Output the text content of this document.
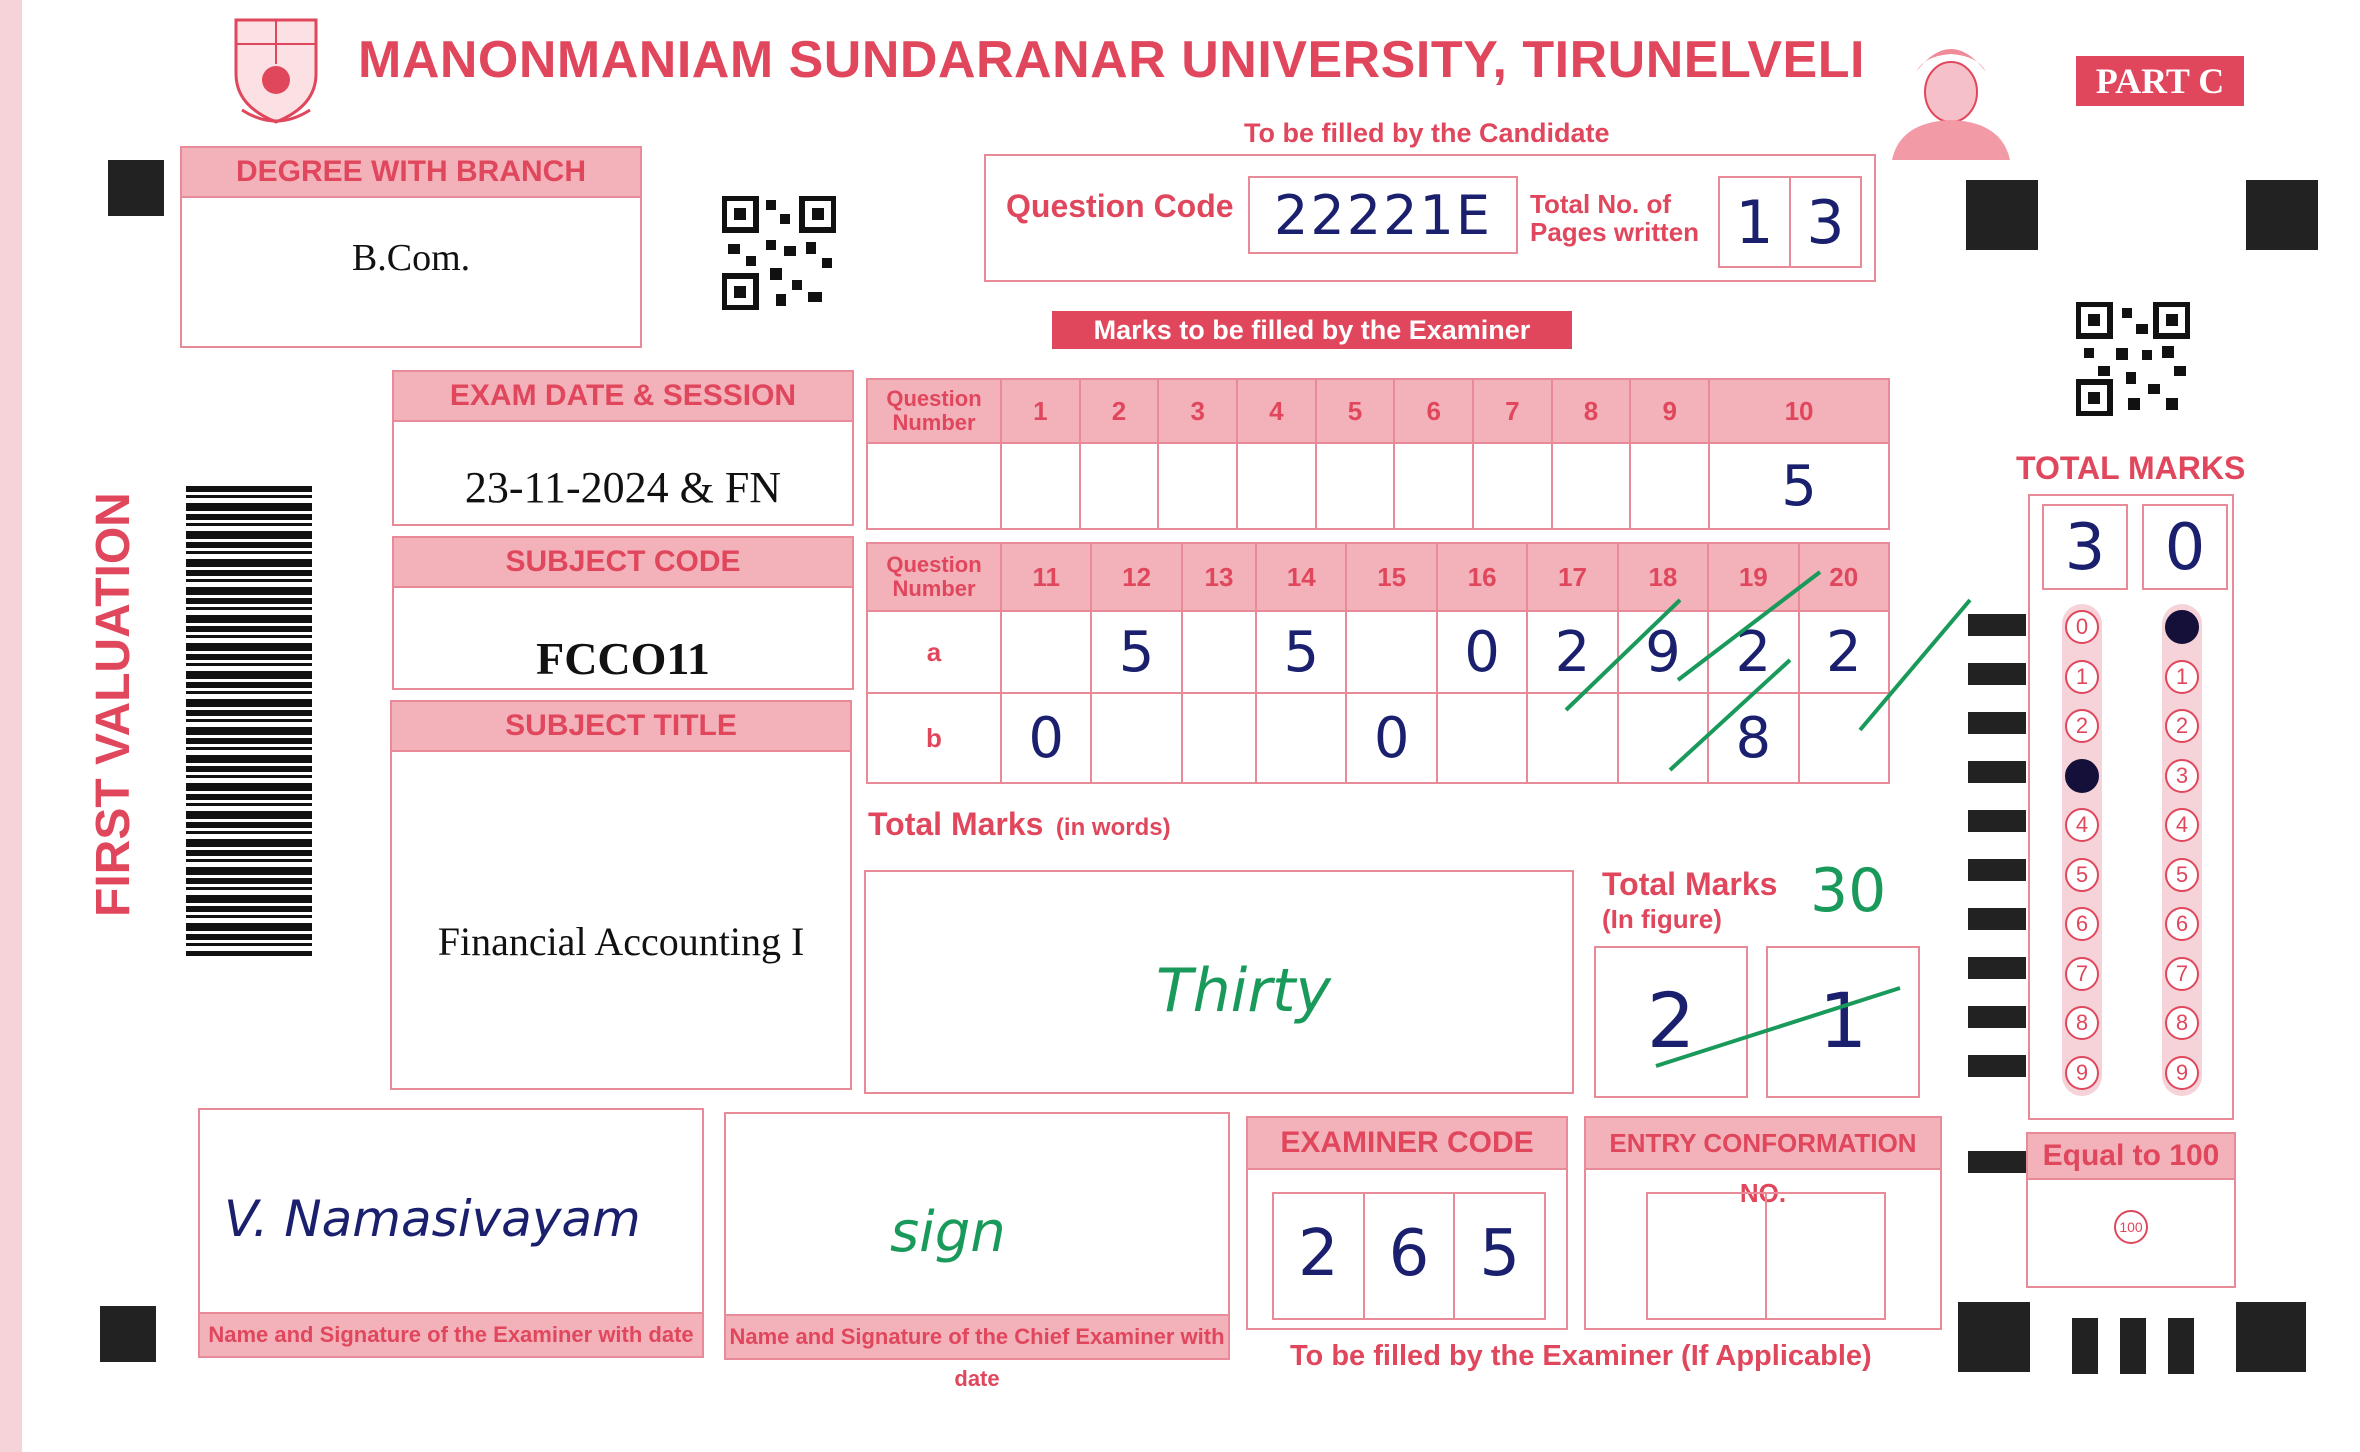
MANONMANIAM SUNDARANAR UNIVERSITY, TIRUNELVELI	PART C
DEGREE WITH BRANCH
B.Com.
To be filled by the Candidate
Question Code 22221E	Total No. of Pages written 1 3
Marks to be filled by the Examiner
EXAM DATE & SESSION
23-11-2024 & FN
SUBJECT CODE
FCCO11
SUBJECT TITLE
Financial Accounting I
FIRST VALUATION
Question Number	1	2	3	4	5	6	7	8	9	10
										5
Question Number	11	12	13	14	15	16	17	18	19	20
a		5		5		0	2	9	2	2
b	0				0				8	
Total Marks (in words)
Thirty
Total Marks
(In figure) 30
2	1
TOTAL MARKS
3 0
0
1
2
3
4
5
6
7
8
9
0
1
2
3
4
5
6
7
8
9
Equal to 100
100
V. Namasivayam
Name and Signature of the Examiner with date
sign
Name and Signature of the Chief Examiner with date
EXAMINER CODE
2 6 5
ENTRY CONFORMATION NO.
To be filled by the Examiner (If Applicable)
